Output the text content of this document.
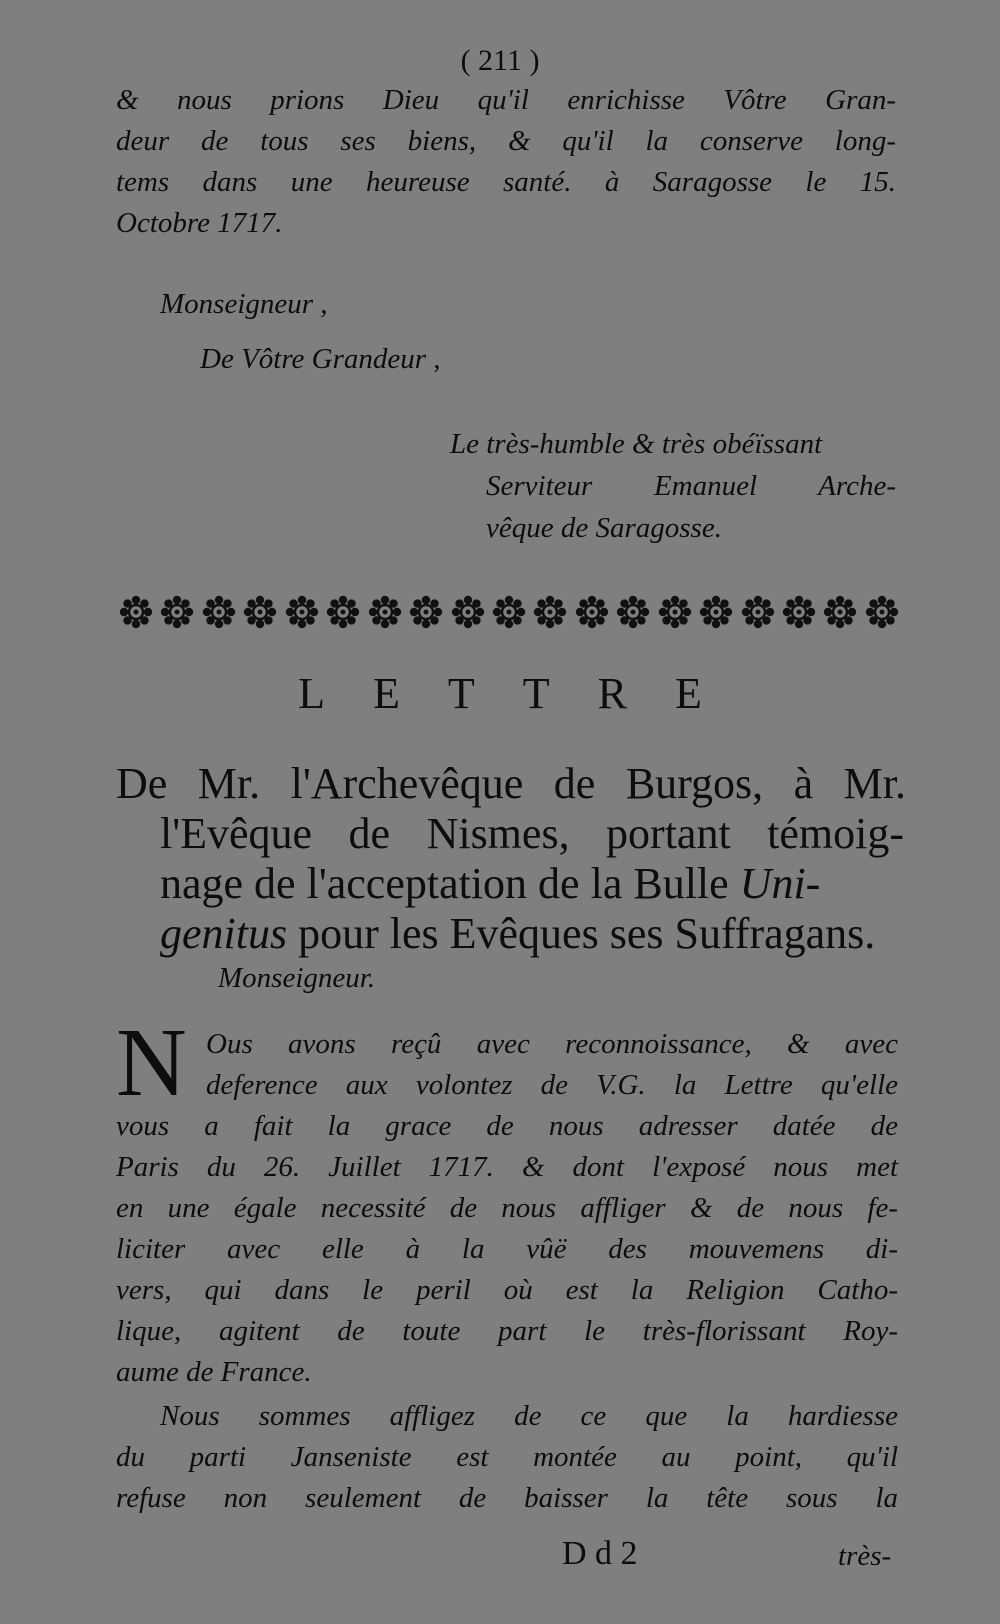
( 211 )
& nous prions Dieu qu'il enrichisse Vôtre Gran-
deur de tous ses biens, & qu'il la conserve long-
tems dans une heureuse santé. à Saragosse le 15.
Octobre 1717.
Monseigneur ,
De Vôtre Grandeur ,
Le très-humble & très obéïssant
Serviteur Emanuel Arche-
vêque de Saragosse.
LETTRE
De Mr. l'Archevêque de Burgos, à Mr.
l'Evêque de Nismes, portant témoig-
nage de l'acceptation de la Bulle Uni-
genitus pour les Evêques ses Suffragans.
Monseigneur.
N Ous avons reçû avec reconnoissance, & avec
deference aux volontez de V.G. la Lettre qu'elle
vous a fait la grace de nous adresser datée de
Paris du 26. Juillet 1717. & dont l'exposé nous met
en une égale necessité de nous affliger & de nous fe-
liciter avec elle à la vûë des mouvemens di-
vers, qui dans le peril où est la Religion Catho-
lique, agitent de toute part le très-florissant Roy-
aume de France.
Nous sommes affligez de ce que la hardiesse
du parti Janseniste est montée au point, qu'il
refuse non seulement de baisser la tête sous la
D d 2	très-
